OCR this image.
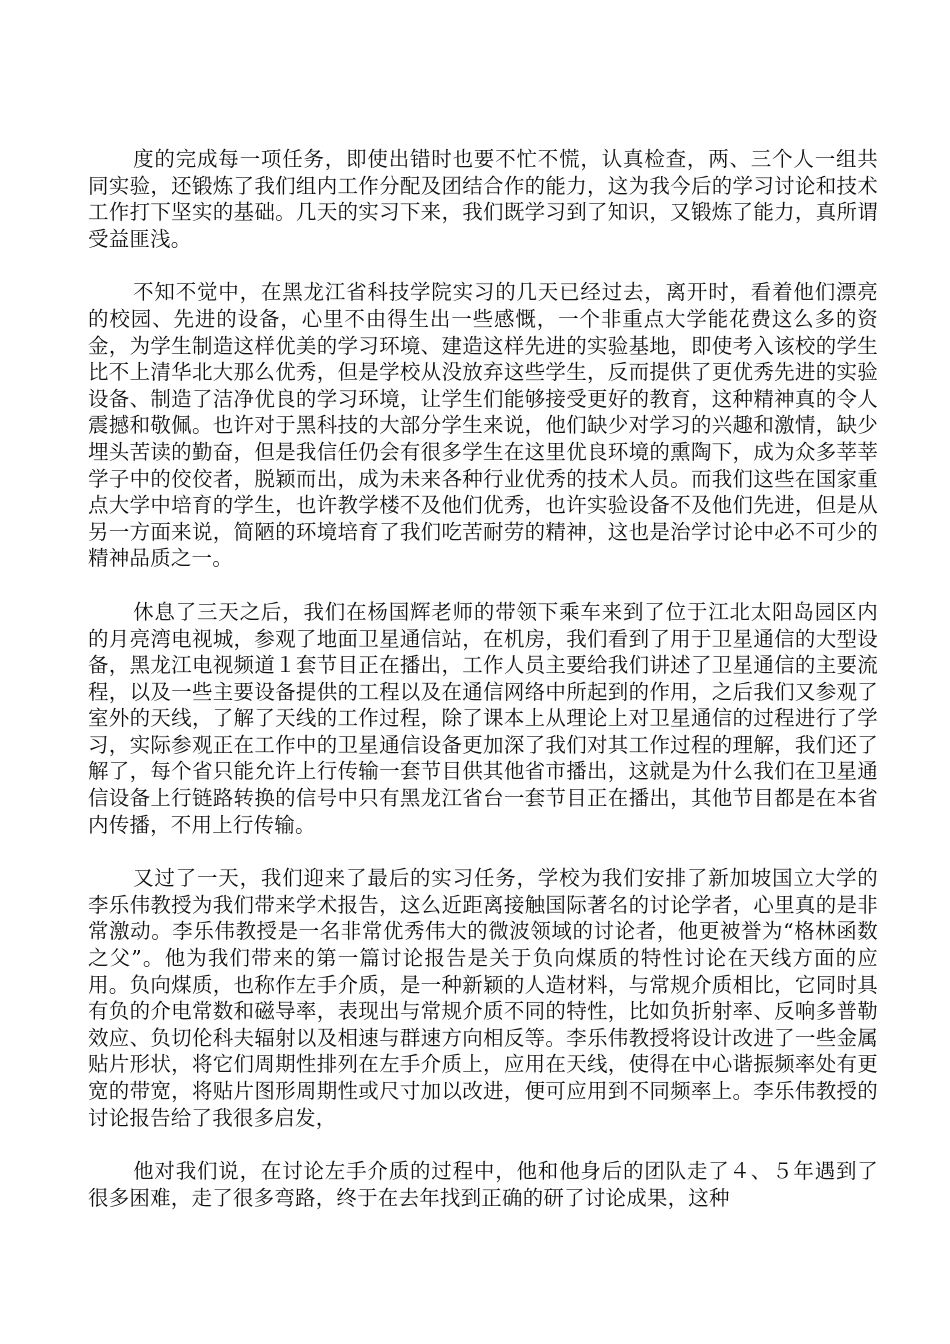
度的完成每一项任务，即使出错时也要不忙不慌，认真检查，两、三个人一组共同实验，还锻炼了我们组内工作分配及团结合作的能力，这为我今后的学习讨论和技术工作打下坚实的基础。几天的实习下来，我们既学习到了知识，又锻炼了能力，真所谓受益匪浅。

不知不觉中，在黑龙江省科技学院实习的几天已经过去，离开时，看着他们漂亮的校园、先进的设备，心里不由得生出一些感慨，一个非重点大学能花费这么多的资金，为学生制造这样优美的学习环境、建造这样先进的实验基地，即使考入该校的学生比不上清华北大那么优秀，但是学校从没放弃这些学生，反而提供了更优秀先进的实验设备、制造了洁净优良的学习环境，让学生们能够接受更好的教育，这种精神真的令人震撼和敬佩。也许对于黑科技的大部分学生来说，他们缺少对学习的兴趣和激情，缺少埋头苦读的勤奋，但是我信任仍会有很多学生在这里优良环境的熏陶下，成为众多莘莘学子中的佼佼者，脱颖而出，成为未来各种行业优秀的技术人员。而我们这些在国家重点大学中培育的学生，也许教学楼不及他们优秀，也许实验设备不及他们先进，但是从另一方面来说，简陋的环境培育了我们吃苦耐劳的精神，这也是治学讨论中必不可少的精神品质之一。

休息了三天之后，我们在杨国辉老师的带领下乘车来到了位于江北太阳岛园区内的月亮湾电视城，参观了地面卫星通信站，在机房，我们看到了用于卫星通信的大型设备，黑龙江电视频道１套节目正在播出，工作人员主要给我们讲述了卫星通信的主要流程，以及一些主要设备提供的工程以及在通信网络中所起到的作用，之后我们又参观了室外的天线，了解了天线的工作过程，除了课本上从理论上对卫星通信的过程进行了学习，实际参观正在工作中的卫星通信设备更加深了我们对其工作过程的理解，我们还了解了，每个省只能允许上行传输一套节目供其他省市播出，这就是为什么我们在卫星通信设备上行链路转换的信号中只有黑龙江省台一套节目正在播出，其他节目都是在本省内传播，不用上行传输。

又过了一天，我们迎来了最后的实习任务，学校为我们安排了新加坡国立大学的李乐伟教授为我们带来学术报告，这么近距离接触国际著名的讨论学者，心里真的是非常激动。李乐伟教授是一名非常优秀伟大的微波领域的讨论者，他更被誉为“格林函数之父”。他为我们带来的第一篇讨论报告是关于负向煤质的特性讨论在天线方面的应用。负向煤质，也称作左手介质，是一种新颖的人造材料，与常规介质相比，它同时具有负的介电常数和磁导率，表现出与常规介质不同的特性，比如负折射率、反响多普勒效应、负切伦科夫辐射以及相速与群速方向相反等。李乐伟教授将设计改进了一些金属贴片形状，将它们周期性排列在左手介质上，应用在天线，使得在中心谐振频率处有更宽的带宽，将贴片图形周期性或尺寸加以改进，便可应用到不同频率上。李乐伟教授的讨论报告给了我很多启发，

他对我们说，在讨论左手介质的过程中，他和他身后的团队走了４、５年遇到了很多困难，走了很多弯路，终于在去年找到正确的研了讨论成果，这种
